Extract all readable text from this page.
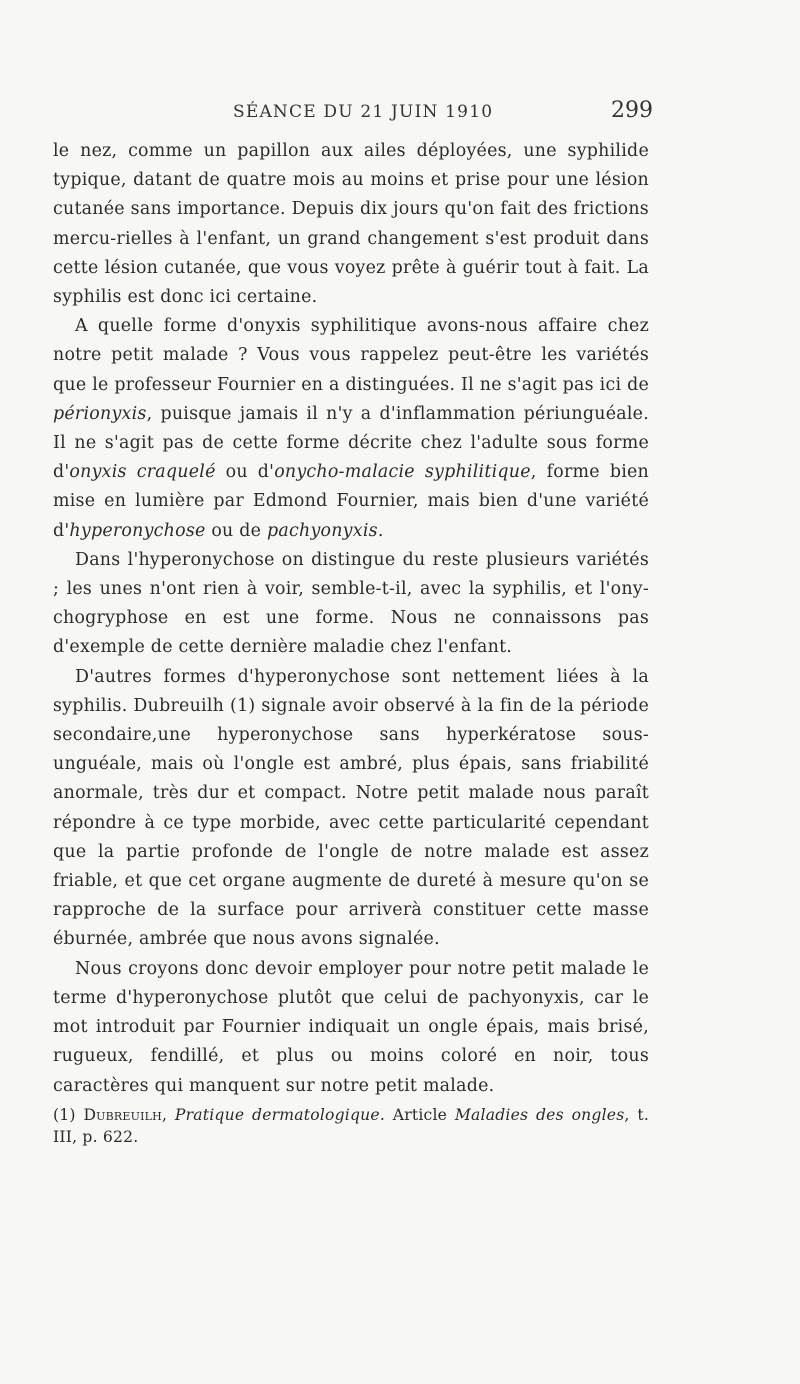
SÉANCE DU 21 JUIN 1910	299

le nez, comme un papillon aux ailes déployées, une syphilide typique, datant de quatre mois au moins et prise pour une lésion cutanée sans importance. Depuis dix jours qu'on fait des frictions mercu-rielles à l'enfant, un grand changement s'est produit dans cette lésion cutanée, que vous voyez prête à guérir tout à fait. La syphilis est donc ici certaine.

A quelle forme d'onyxis syphilitique avons-nous affaire chez notre petit malade ? Vous vous rappelez peut-être les variétés que le professeur Fournier en a distinguées. Il ne s'agit pas ici de périonyxis, puisque jamais il n'y a d'inflammation périunguéale. Il ne s'agit pas de cette forme décrite chez l'adulte sous forme d'onyxis craquelé ou d'onycho-malacie syphilitique, forme bien mise en lumière par Edmond Fournier, mais bien d'une variété d'hyperonychose ou de pachyonyxis.

Dans l'hyperonychose on distingue du reste plusieurs variétés ; les unes n'ont rien à voir, semble-t-il, avec la syphilis, et l'ony-chogryphose en est une forme. Nous ne connaissons pas d'exemple de cette dernière maladie chez l'enfant.

D'autres formes d'hyperonychose sont nettement liées à la syphilis. Dubreuilh (1) signale avoir observé à la fin de la période secondaire,une hyperonychose sans hyperkératose sous-unguéale, mais où l'ongle est ambré, plus épais, sans friabilité anormale, très dur et compact. Notre petit malade nous paraît répondre à ce type morbide, avec cette particularité cependant que la partie profonde de l'ongle de notre malade est assez friable, et que cet organe augmente de dureté à mesure qu'on se rapproche de la surface pour arriverà constituer cette masse éburnée, ambrée que nous avons signalée.

Nous croyons donc devoir employer pour notre petit malade le terme d'hyperonychose plutôt que celui de pachyonyxis, car le mot introduit par Fournier indiquait un ongle épais, mais brisé, rugueux, fendillé, et plus ou moins coloré en noir, tous caractères qui manquent sur notre petit malade.

(1) Dubreuilh, Pratique dermatologique. Article Maladies des ongles, t. III, p. 622.
